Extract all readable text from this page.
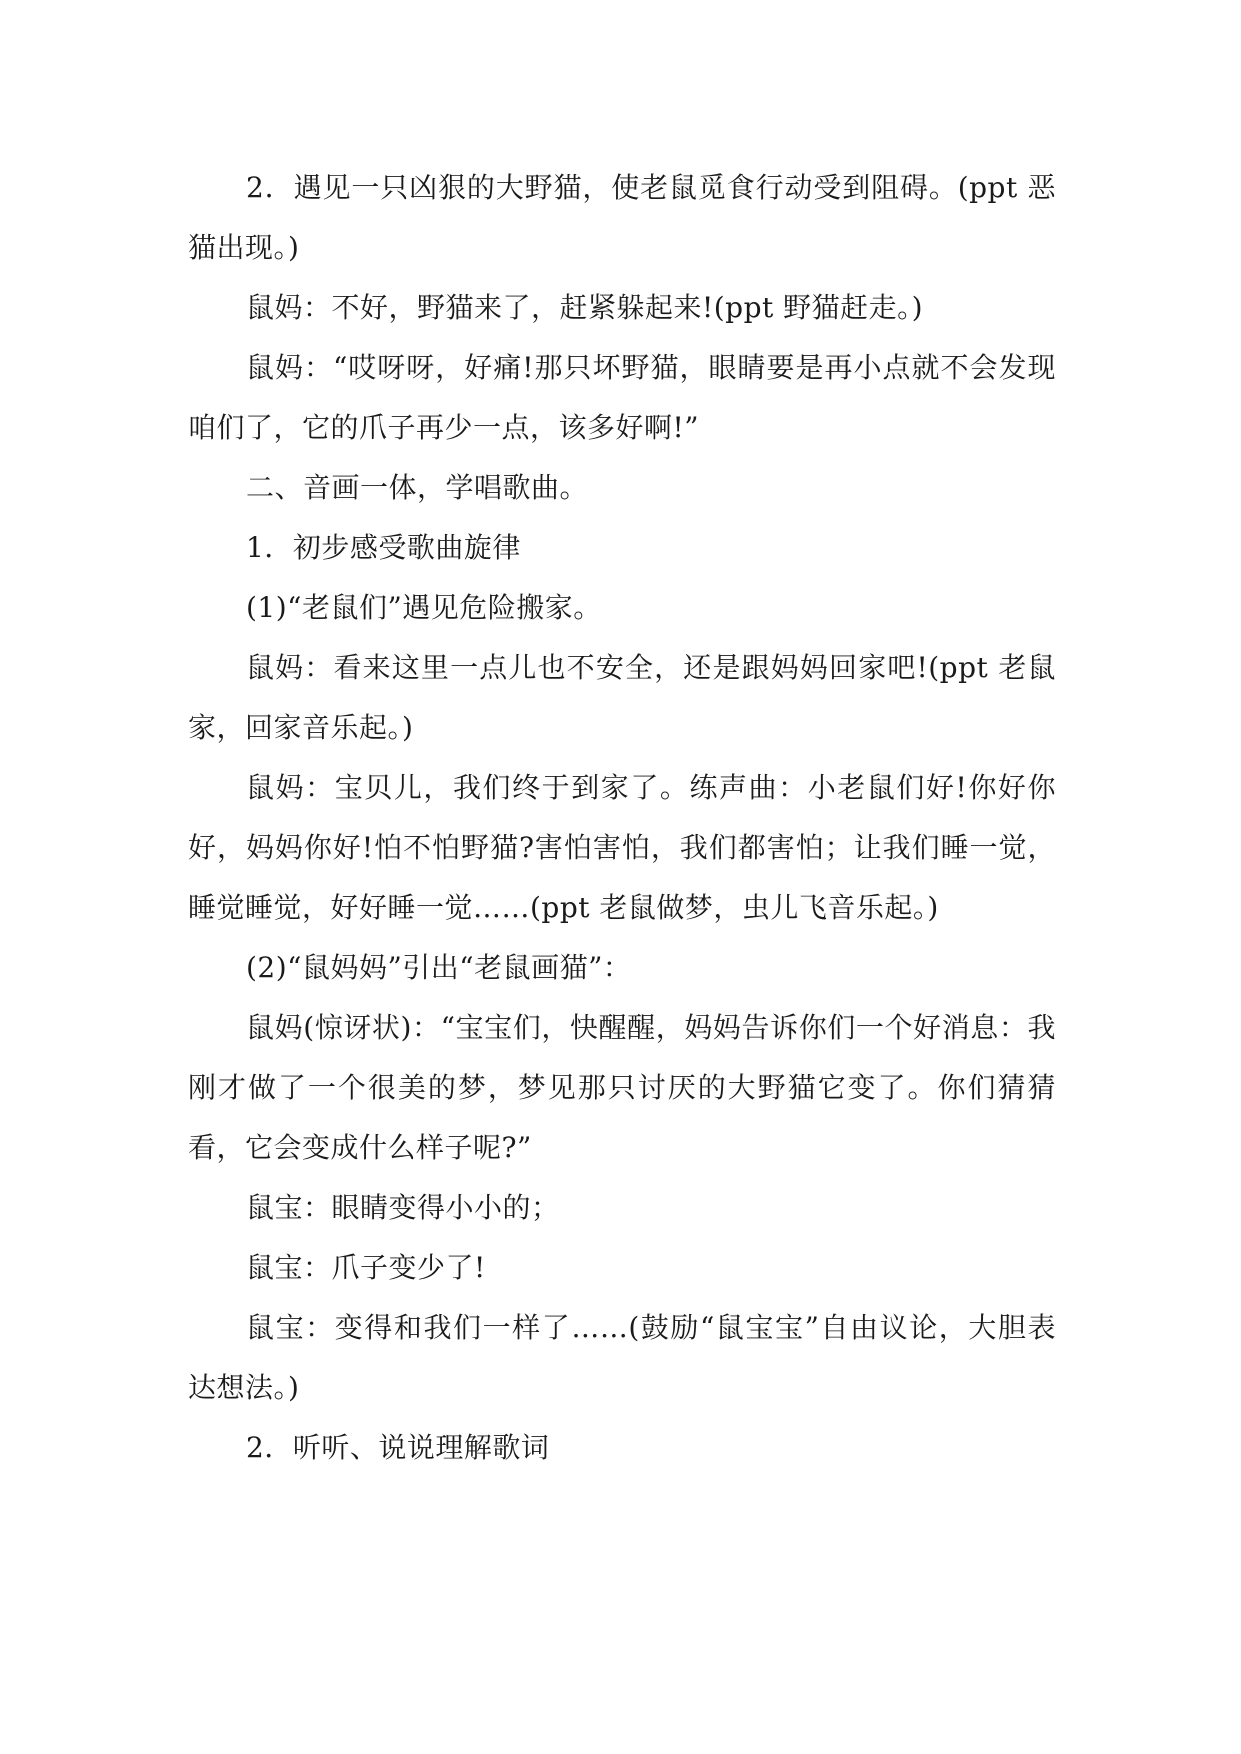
2．遇见一只凶狠的大野猫，使老鼠觅食行动受到阻碍。(ppt 恶猫出现。)

鼠妈：不好，野猫来了，赶紧躲起来!(ppt 野猫赶走。)

鼠妈：“哎呀呀，好痛!那只坏野猫，眼睛要是再小点就不会发现咱们了，它的爪子再少一点，该多好啊!”

二、音画一体，学唱歌曲。

1．初步感受歌曲旋律

(1)“老鼠们”遇见危险搬家。

鼠妈：看来这里一点儿也不安全，还是跟妈妈回家吧!(ppt 老鼠家，回家音乐起。)

鼠妈：宝贝儿，我们终于到家了。练声曲：小老鼠们好!你好你好，妈妈你好!怕不怕野猫?害怕害怕，我们都害怕；让我们睡一觉，睡觉睡觉，好好睡一觉……(ppt 老鼠做梦，虫儿飞音乐起。)

(2)“鼠妈妈”引出“老鼠画猫”：

鼠妈(惊讶状)：“宝宝们，快醒醒，妈妈告诉你们一个好消息：我刚才做了一个很美的梦，梦见那只讨厌的大野猫它变了。你们猜猜看，它会变成什么样子呢?”

鼠宝：眼睛变得小小的；

鼠宝：爪子变少了!

鼠宝：变得和我们一样了……(鼓励“鼠宝宝”自由议论，大胆表达想法。)

2．听听、说说理解歌词
